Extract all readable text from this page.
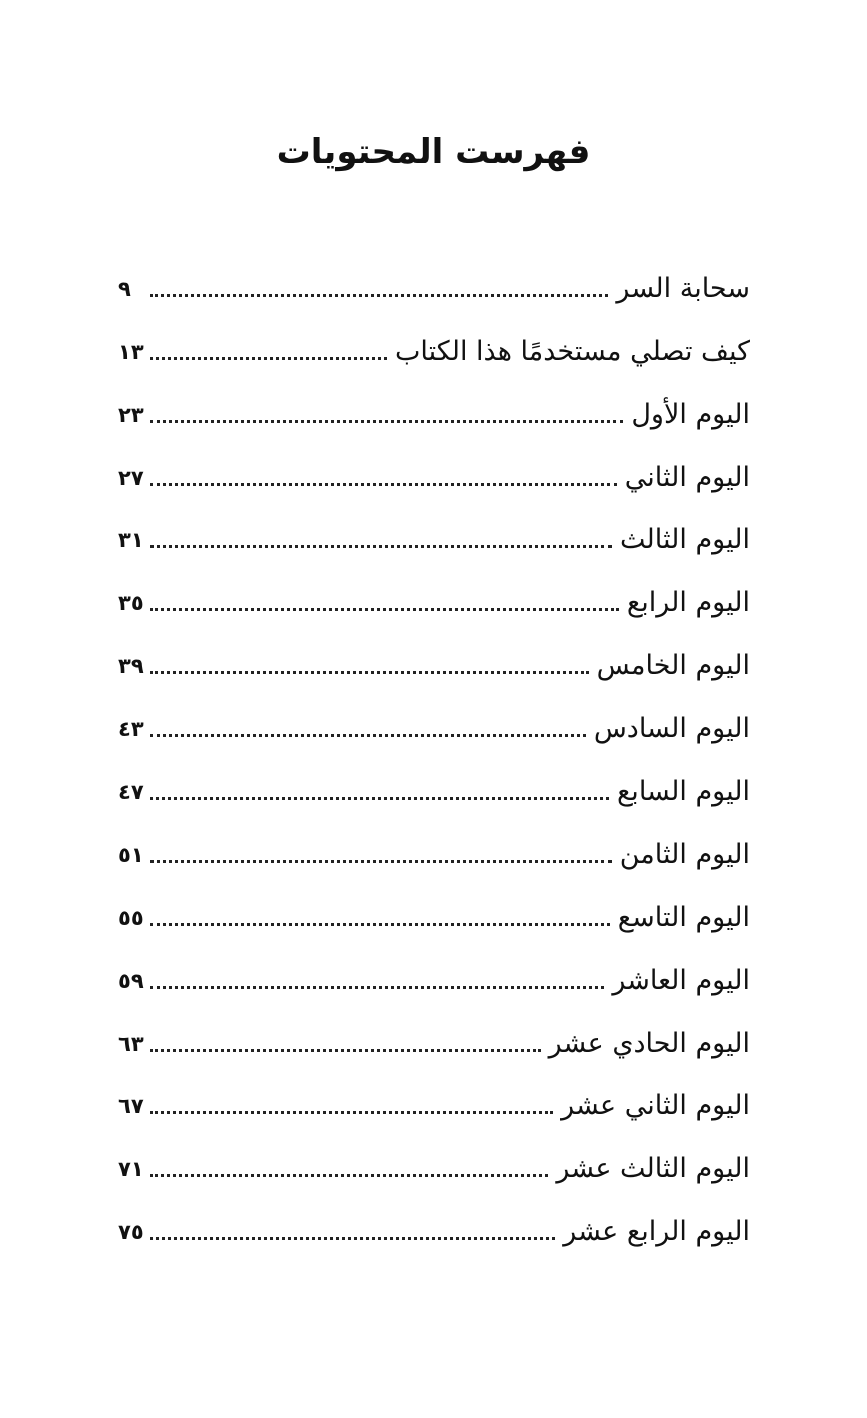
فهرست المحتويات
سحابة السر
٩
كيف تصلي مستخدمًا هذا الكتاب
١٣
اليوم الأول
٢٣
اليوم الثاني
٢٧
اليوم الثالث
٣١
اليوم الرابع
٣٥
اليوم الخامس
٣٩
اليوم السادس
٤٣
اليوم السابع
٤٧
اليوم الثامن
٥١
اليوم التاسع
٥٥
اليوم العاشر
٥٩
اليوم الحادي عشر
٦٣
اليوم الثاني عشر
٦٧
اليوم الثالث عشر
٧١
اليوم الرابع عشر
٧٥
